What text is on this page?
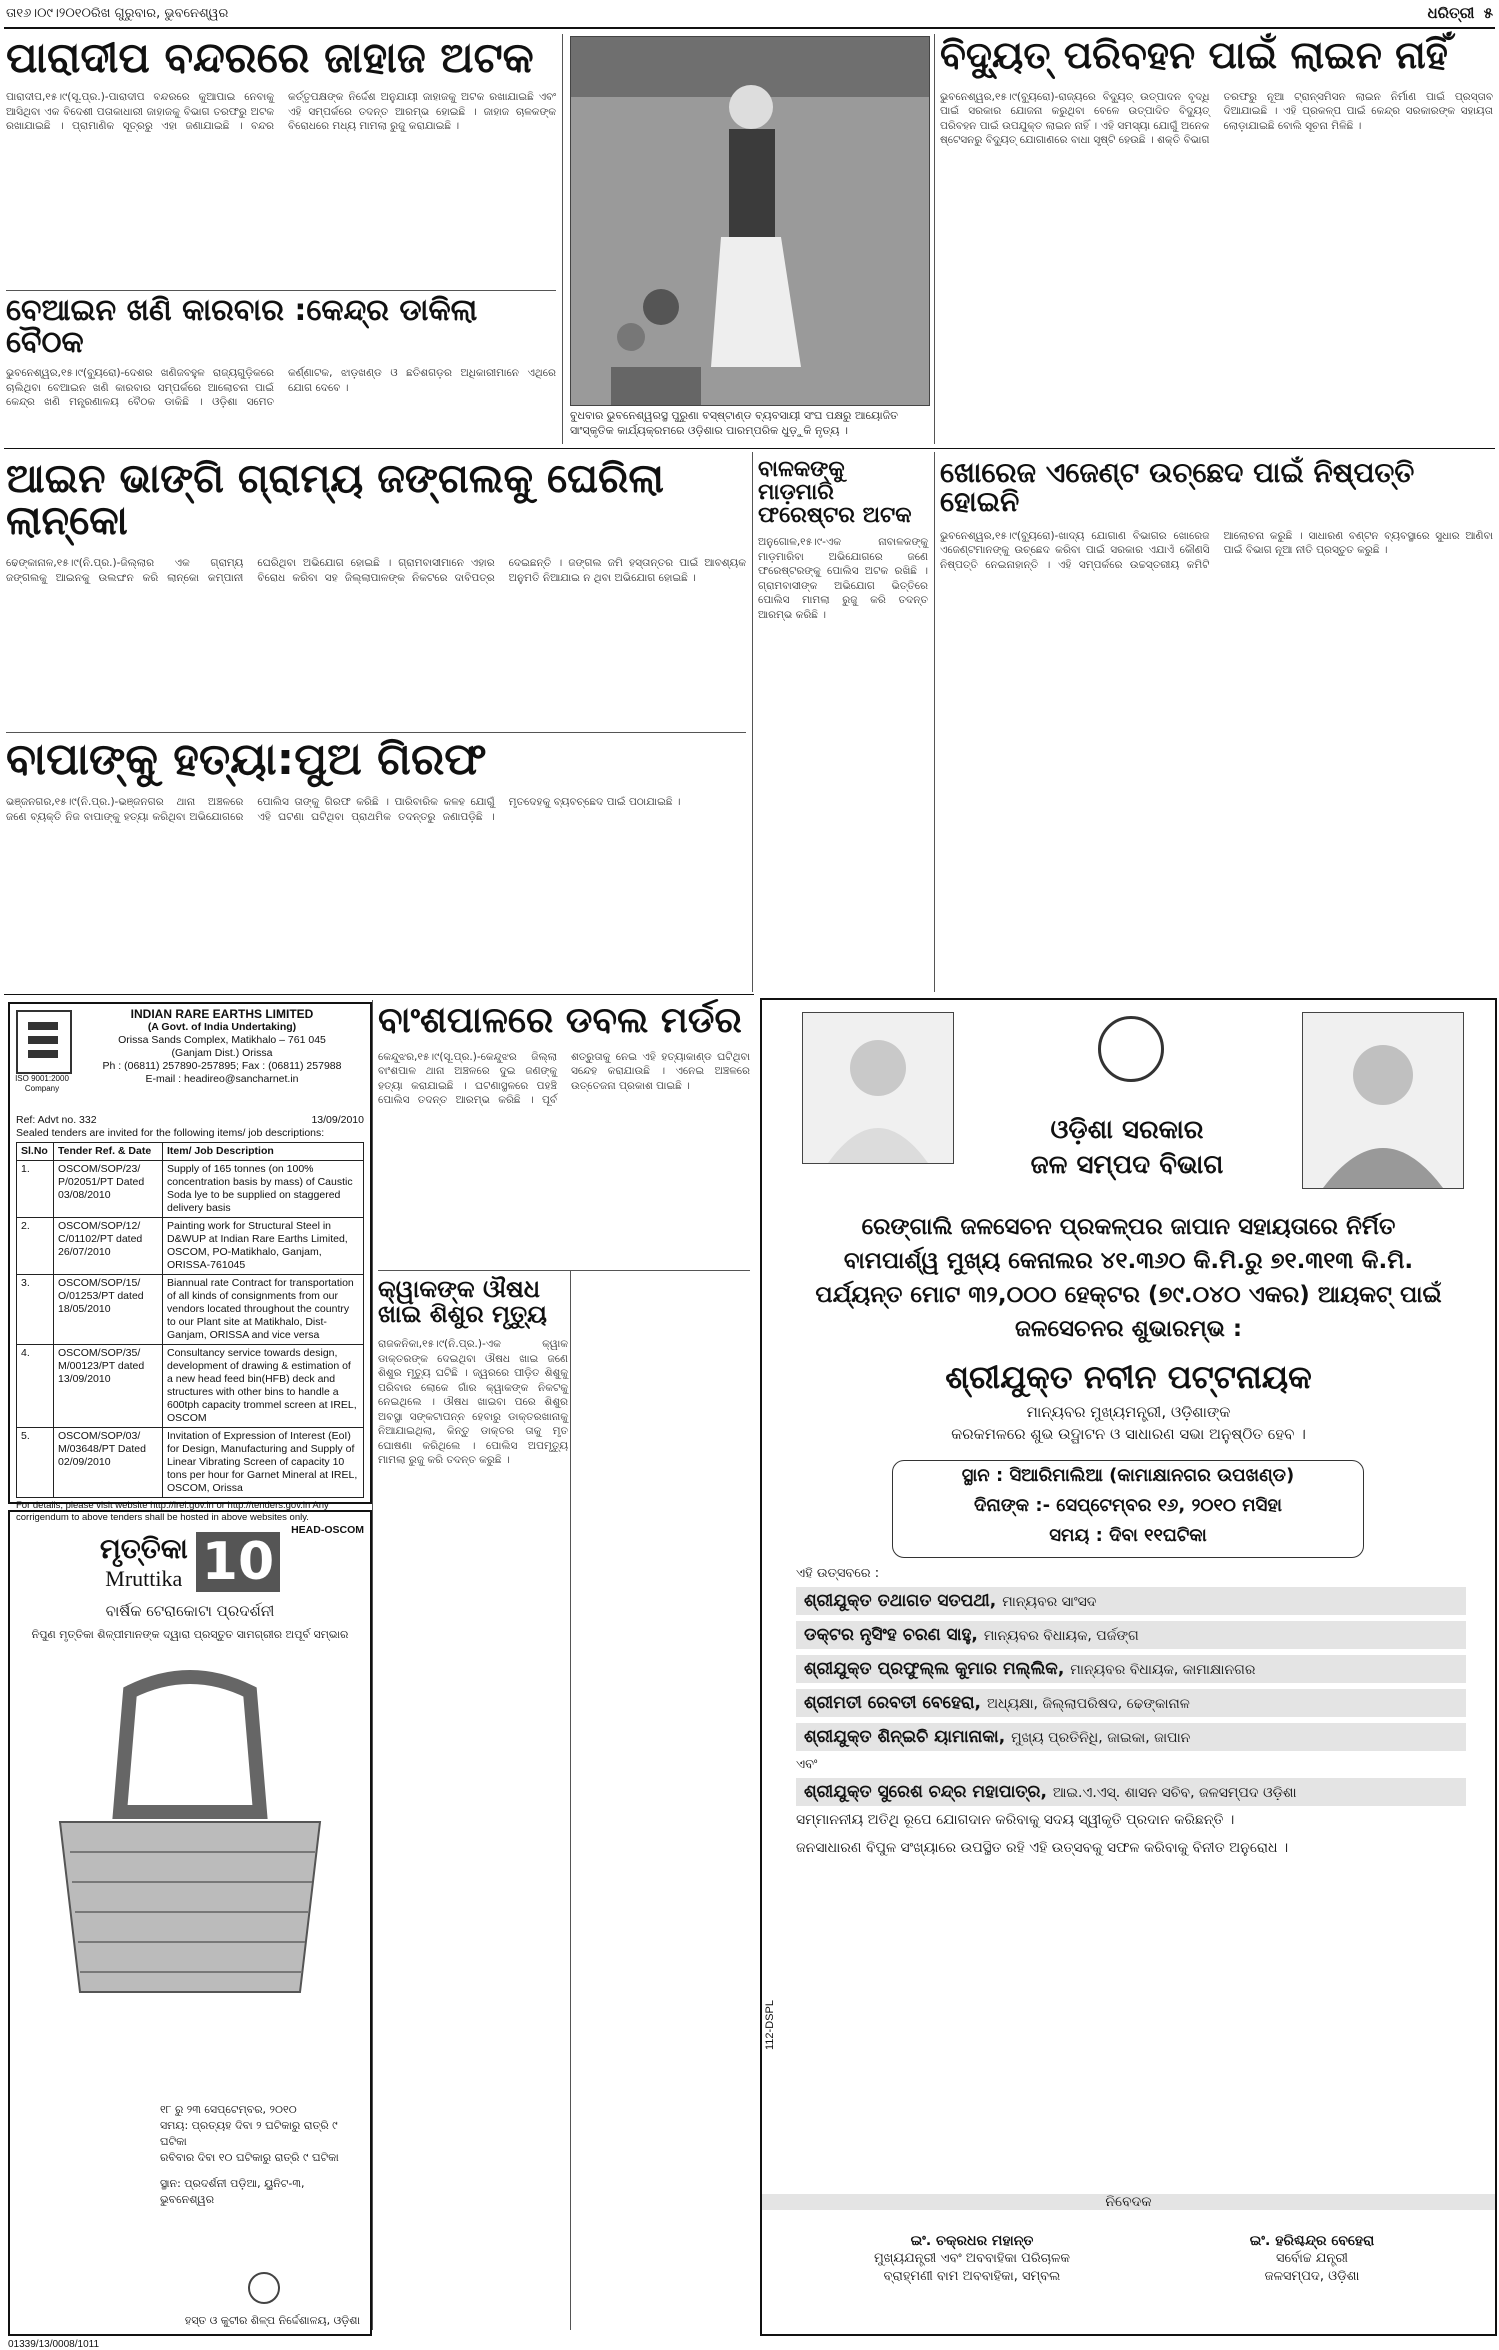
ତା୧୬।୦୯।୨୦୧୦ରିଖ ଗୁରୁବାର, ଭୁବନେଶ୍ୱର	ଧରିତ୍ରୀ ୫
ପାରାଦୀପ ବନ୍ଦରରେ ଜାହାଜ ଅଟକ
ପାରାଦୀପ,୧୫।୯(ସୂ.ପ୍ର.)-ପାରାଦୀପ ବନ୍ଦରରେ କୁଆପାଇ ନେବାକୁ ଆସିଥିବା ଏକ ବିଦେଶୀ ପତାକାଧାରୀ ଜାହାଜକୁ ବିଭାଗ ତରଫରୁ ଅଟକ ରଖାଯାଇଛି । ପ୍ରାମାଣିକ ସୂତ୍ରରୁ ଏହା ଜଣାଯାଇଛି । ବନ୍ଦର କର୍ତ୍ତୃପକ୍ଷଙ୍କ ନିର୍ଦ୍ଦେଶ ଅନୁଯାୟୀ ଜାହାଜକୁ ଅଟକ ରଖାଯାଇଛି ଏବଂ ଏହି ସମ୍ପର୍କରେ ତଦନ୍ତ ଆରମ୍ଭ ହୋଇଛି । ଜାହାଜ ଚାଳକଙ୍କ ବିରୋଧରେ ମଧ୍ୟ ମାମଲା ରୁଜୁ କରାଯାଇଛି ।
ବେଆଇନ ଖଣି କାରବାର :କେନ୍ଦ୍ର ଡାକିଲା ବୈଠକ
ଭୁବନେଶ୍ୱର,୧୫।୯(ବ୍ୟୁରୋ)-ଦେଶର ଖଣିଜବହୁଳ ରାଜ୍ୟଗୁଡ଼ିକରେ ଚାଲିଥିବା ବେଆଇନ ଖଣି କାରବାର ସମ୍ପର୍କରେ ଆଲୋଚନା ପାଇଁ କେନ୍ଦ୍ର ଖଣି ମନ୍ତ୍ରଣାଳୟ ବୈଠକ ଡାକିଛି । ଓଡ଼ିଶା ସମେତ କର୍ଣ୍ଣାଟକ, ଝାଡ଼ଖଣ୍ଡ ଓ ଛତିଶଗଡ଼ର ଅଧିକାରୀମାନେ ଏଥିରେ ଯୋଗ ଦେବେ ।
ବୁଧବାର ଭୁବନେଶ୍ୱରସ୍ଥ ପୁରୁଣା ବସ୍ଷ୍ଟାଣ୍ଡ ବ୍ୟବସାୟୀ ସଂଘ ପକ୍ଷରୁ ଆୟୋଜିତ ସାଂସ୍କୃତିକ କାର୍ଯ୍ୟକ୍ରମରେ ଓଡ଼ିଶାର ପାରମ୍ପରିକ ଧୁଡ଼ୁକି ନୃତ୍ୟ ।
ବିଦ୍ୟୁତ୍ ପରିବହନ ପାଇଁ ଲାଇନ ନାହିଁ
ଭୁବନେଶ୍ୱର,୧୫।୯(ବ୍ୟୁରୋ)-ରାଜ୍ୟରେ ବିଦ୍ୟୁତ୍ ଉତ୍ପାଦନ ବୃଦ୍ଧି ପାଇଁ ସରକାର ଯୋଜନା କରୁଥିବା ବେଳେ ଉତ୍ପାଦିତ ବିଦ୍ୟୁତ୍ ପରିବହନ ପାଇଁ ଉପଯୁକ୍ତ ଲାଇନ ନାହିଁ । ଏହି ସମସ୍ୟା ଯୋଗୁଁ ଅନେକ ଷ୍ଟେସନରୁ ବିଦ୍ୟୁତ୍ ଯୋଗାଣରେ ବାଧା ସୃଷ୍ଟି ହେଉଛି । ଶକ୍ତି ବିଭାଗ ତରଫରୁ ନୂଆ ଟ୍ରାନ୍ସମିସନ ଲାଇନ ନିର୍ମାଣ ପାଇଁ ପ୍ରସ୍ତାବ ଦିଆଯାଇଛି । ଏହି ପ୍ରକଳ୍ପ ପାଇଁ କେନ୍ଦ୍ର ସରକାରଙ୍କ ସହାୟତା ଲୋଡ଼ାଯାଇଛି ବୋଲି ସୂଚନା ମିଳିଛି ।
ଆଇନ ଭାଙ୍ଗି ଗ୍ରାମ୍ୟ ଜଙ୍ଗଲକୁ ଘେରିଲା ଲାନ୍କୋ
ଢେଙ୍କାନାଳ,୧୫।୯(ନି.ପ୍ର.)-ଜିଲ୍ଲାର ଏକ ଗ୍ରାମ୍ୟ ଜଙ୍ଗଲକୁ ଆଇନକୁ ଉଲଙ୍ଘନ କରି ଲାନ୍କୋ କମ୍ପାନୀ ଘେରିଥିବା ଅଭିଯୋଗ ହୋଇଛି । ଗ୍ରାମବାସୀମାନେ ଏହାର ବିରୋଧ କରିବା ସହ ଜିଲ୍ଲାପାଳଙ୍କ ନିକଟରେ ଦାବିପତ୍ର ଦେଇଛନ୍ତି । ଜଙ୍ଗଲ ଜମି ହସ୍ତାନ୍ତର ପାଇଁ ଆବଶ୍ୟକ ଅନୁମତି ନିଆଯାଇ ନ ଥିବା ଅଭିଯୋଗ ହୋଇଛି ।
ବାଳକଙ୍କୁ ମାଡ଼ମାରି ଫରେଷ୍ଟର ଅଟକ
ଅନୁଗୋଳ,୧୫।୯-ଏକ ନାବାଳକଙ୍କୁ ମାଡ଼ମାରିବା ଅଭିଯୋଗରେ ଜଣେ ଫରେଷ୍ଟରଙ୍କୁ ପୋଲିସ ଅଟକ ରଖିଛି । ଗ୍ରାମବାସୀଙ୍କ ଅଭିଯୋଗ ଭିତ୍ତିରେ ପୋଲିସ ମାମଲା ରୁଜୁ କରି ତଦନ୍ତ ଆରମ୍ଭ କରିଛି ।
ଖୋରେଜ ଏଜେଣ୍ଟ ଉଚ୍ଛେଦ ପାଇଁ ନିଷ୍ପତ୍ତି ହୋଇନି
ଭୁବନେଶ୍ୱର,୧୫।୯(ବ୍ୟୁରୋ)-ଖାଦ୍ୟ ଯୋଗାଣ ବିଭାଗର ଖୋରେଜ ଏଜେଣ୍ଟମାନଙ୍କୁ ଉଚ୍ଛେଦ କରିବା ପାଇଁ ସରକାର ଏଯାଏଁ କୌଣସି ନିଷ୍ପତ୍ତି ନେଇନାହାନ୍ତି । ଏହି ସମ୍ପର୍କରେ ଉଚ୍ଚସ୍ତରୀୟ କମିଟି ଆଲୋଚନା କରୁଛି । ସାଧାରଣ ବଣ୍ଟନ ବ୍ୟବସ୍ଥାରେ ସୁଧାର ଆଣିବା ପାଇଁ ବିଭାଗ ନୂଆ ନୀତି ପ୍ରସ୍ତୁତ କରୁଛି ।
ବାପାଙ୍କୁ ହତ୍ୟା:ପୁଅ ଗିରଫ
ଭଞ୍ଜନଗର,୧୫।୯(ନି.ପ୍ର.)-ଭଞ୍ଜନଗର ଥାନା ଅଞ୍ଚଳରେ ଜଣେ ବ୍ୟକ୍ତି ନିଜ ବାପାଙ୍କୁ ହତ୍ୟା କରିଥିବା ଅଭିଯୋଗରେ ପୋଲିସ ତାଙ୍କୁ ଗିରଫ କରିଛି । ପାରିବାରିକ କଳହ ଯୋଗୁଁ ଏହି ଘଟଣା ଘଟିଥିବା ପ୍ରାଥମିକ ତଦନ୍ତରୁ ଜଣାପଡ଼ିଛି । ମୃତଦେହକୁ ବ୍ୟବଚ୍ଛେଦ ପାଇଁ ପଠାଯାଇଛି ।
ISO 9001:2000 Company
INDIAN RARE EARTHS LIMITED
(A Govt. of India Undertaking)
Orissa Sands Complex, Matikhalo – 761 045
(Ganjam Dist.) Orissa
Ph : (06811) 257890-257895; Fax : (06811) 257988
E-mail : headireo@sancharnet.in
Ref: Advt no. 332	13/09/2010
Sealed tenders are invited for the following items/ job descriptions:
Sl.No	Tender Ref. & Date	Item/ Job Description
1.	OSCOM/SOP/23/ P/02051/PT Dated 03/08/2010	Supply of 165 tonnes (on 100% concentration basis by mass) of Caustic Soda lye to be supplied on staggered delivery basis
2.	OSCOM/SOP/12/ C/01102/PT dated 26/07/2010	Painting work for Structural Steel in D&WUP at Indian Rare Earths Limited, OSCOM, PO-Matikhalo, Ganjam, ORISSA-761045
3.	OSCOM/SOP/15/ O/01253/PT dated 18/05/2010	Biannual rate Contract for transportation of all kinds of consignments from our vendors located throughout the country to our Plant site at Matikhalo, Dist-Ganjam, ORISSA and vice versa
4.	OSCOM/SOP/35/ M/00123/PT dated 13/09/2010	Consultancy service towards design, development of drawing & estimation of a new head feed bin(HFB) deck and structures with other bins to handle a 600tph capacity trommel screen at IREL, OSCOM
5.	OSCOM/SOP/03/ M/03648/PT Dated 02/09/2010	Invitation of Expression of Interest (EoI) for Design, Manufacturing and Supply of Linear Vibrating Screen of capacity 10 tons per hour for Garnet Mineral at IREL, OSCOM, Orissa
For details, please visit website http://irel.gov.in or http://tenders.gov.in Any corrigendum to above tenders shall be hosted in above websites only.
HEAD-OSCOM
ବାଂଶପାଳରେ ଡବଲ ମର୍ଡର
କେନ୍ଦୁଝର,୧୫।୯(ସୂ.ପ୍ର.)-କେନ୍ଦୁଝର ଜିଲ୍ଲା ବାଂଶପାଳ ଥାନା ଅଞ୍ଚଳରେ ଦୁଇ ଜଣଙ୍କୁ ହତ୍ୟା କରାଯାଇଛି । ଘଟଣାସ୍ଥଳରେ ପହଞ୍ଚି ପୋଲିସ ତଦନ୍ତ ଆରମ୍ଭ କରିଛି । ପୂର୍ବ ଶତ୍ରୁତାକୁ ନେଇ ଏହି ହତ୍ୟାକାଣ୍ଡ ଘଟିଥିବା ସନ୍ଦେହ କରାଯାଉଛି । ଏନେଇ ଅଞ୍ଚଳରେ ଉତ୍ତେଜନା ପ୍ରକାଶ ପାଇଛି ।
ମୃତ୍ତିକା
Mruttika 10
ବାର୍ଷିକ ଟେରାକୋଟା ପ୍ରଦର୍ଶନୀ
ନିପୁଣ ମୃତ୍ତିକା ଶିଳ୍ପୀମାନଙ୍କ ଦ୍ୱାରା ପ୍ରସ୍ତୁତ ସାମଗ୍ରୀର ଅପୂର୍ବ ସମ୍ଭାର
୧୮ ରୁ ୨୩ ସେପ୍ଟେମ୍ବର, ୨୦୧୦
ସମୟ: ପ୍ରତ୍ୟହ ଦିବା ୨ ଘଟିକାରୁ ରାତ୍ରି ୯ ଘଟିକା
ରବିବାର ଦିବା ୧୦ ଘଟିକାରୁ ରାତ୍ରି ୯ ଘଟିକା
ସ୍ଥାନ: ପ୍ରଦର୍ଶନୀ ପଡ଼ିଆ, ୟୁନିଟ-୩, ଭୁବନେଶ୍ୱର
ହସ୍ତ ଓ କୁଟୀର ଶିଳ୍ପ ନିର୍ଦ୍ଦେଶାଳୟ, ଓଡ଼ିଶା
01339/13/0008/1011
କ୍ୱାକଙ୍କ ଔଷଧ ଖାଇ ଶିଶୁର ମୃତ୍ୟୁ
ରାଜକନିକା,୧୫।୯(ନି.ପ୍ର.)-ଏକ କ୍ୱାକ ଡାକ୍ତରଙ୍କ ଦେଇଥିବା ଔଷଧ ଖାଇ ଜଣେ ଶିଶୁର ମୃତ୍ୟୁ ଘଟିଛି । ଜ୍ୱରରେ ପୀଡ଼ିତ ଶିଶୁକୁ ପରିବାର ଲୋକେ ଗାଁର କ୍ୱାକଙ୍କ ନିକଟକୁ ନେଇଥିଲେ । ଔଷଧ ଖାଇବା ପରେ ଶିଶୁର ଅବସ୍ଥା ସଙ୍କଟାପନ୍ନ ହେବାରୁ ଡାକ୍ତରଖାନାକୁ ନିଆଯାଇଥିଲା, କିନ୍ତୁ ଡାକ୍ତର ତାକୁ ମୃତ ଘୋଷଣା କରିଥିଲେ । ପୋଲିସ ଅପମୃତ୍ୟୁ ମାମଲା ରୁଜୁ କରି ତଦନ୍ତ କରୁଛି ।
ଓଡ଼ିଶା ସରକାର
ଜଳ ସମ୍ପଦ ବିଭାଗ
ରେଙ୍ଗାଲି ଜଳସେଚନ ପ୍ରକଳ୍ପର ଜାପାନ ସହାୟତାରେ ନିର୍ମିତ
ବାମପାର୍ଶ୍ୱ ମୁଖ୍ୟ କେନାଲର ୪୧.୩୬୦ କି.ମି.ରୁ ୭୧.୩୧୩ କି.ମି.
ପର୍ଯ୍ୟନ୍ତ ମୋଟ ୩୨,୦୦୦ ହେକ୍ଟର (୭୯.୦୪୦ ଏକର) ଆୟକଟ୍ ପାଇଁ
ଜଳସେଚନର ଶୁଭାରମ୍ଭ :
ଶ୍ରୀଯୁକ୍ତ ନବୀନ ପଟ୍ଟନାୟକ
ମାନ୍ୟବର ମୁଖ୍ୟମନ୍ତ୍ରୀ, ଓଡ଼ିଶାଙ୍କ
କରକମଳରେ ଶୁଭ ଉଦ୍ଘାଟନ ଓ ସାଧାରଣ ସଭା ଅନୁଷ୍ଠିତ ହେବ ।
ସ୍ଥାନ : ସିଆରିମାଲିଆ (କାମାକ୍ଷାନଗର ଉପଖଣ୍ଡ)
ଦିନାଙ୍କ :- ସେପ୍ଟେମ୍ବର ୧୬, ୨୦୧୦ ମସିହା
ସମୟ : ଦିବା ୧୧ଘଟିକା
ଏହି ଉତ୍ସବରେ :
ଶ୍ରୀଯୁକ୍ତ ତଥାଗତ ସତପଥୀ, ମାନ୍ୟବର ସାଂସଦ
ଡକ୍ଟର ନୃସିଂହ ଚରଣ ସାହୁ, ମାନ୍ୟବର ବିଧାୟକ, ପର୍ଜଙ୍ଗ
ଶ୍ରୀଯୁକ୍ତ ପ୍ରଫୁଲ୍ଲ କୁମାର ମଲ୍ଲିକ, ମାନ୍ୟବର ବିଧାୟକ, କାମାକ୍ଷାନଗର
ଶ୍ରୀମତୀ ରେବତୀ ବେହେରା, ଅଧ୍ୟକ୍ଷା, ଜିଲ୍ଲାପରିଷଦ, ଢେଙ୍କାନାଳ
ଶ୍ରୀଯୁକ୍ତ ଶିନ୍ଇଚି ୟାମାନାକା, ମୁଖ୍ୟ ପ୍ରତିନିଧି, ଜାଇକା, ଜାପାନ
ଏବଂ
ଶ୍ରୀଯୁକ୍ତ ସୁରେଶ ଚନ୍ଦ୍ର ମହାପାତ୍ର, ଆଇ.ଏ.ଏସ୍. ଶାସନ ସଚିବ, ଜଳସମ୍ପଦ ଓଡ଼ିଶା
ସମ୍ମାନନୀୟ ଅତିଥି ରୂପେ ଯୋଗଦାନ କରିବାକୁ ସଦୟ ସ୍ୱୀକୃତି ପ୍ରଦାନ କରିଛନ୍ତି ।
ଜନସାଧାରଣ ବିପୁଳ ସଂଖ୍ୟାରେ ଉପସ୍ଥିତ ରହି ଏହି ଉତ୍ସବକୁ ସଫଳ କରିବାକୁ ବିନୀତ ଅନୁରୋଧ ।
ନିବେଦକ
ଇଂ. ଚକ୍ରଧର ମହାନ୍ତ
ମୁଖ୍ୟଯନ୍ତ୍ରୀ ଏବଂ ଅବବାହିକା ପରିଚାଳକ
ବ୍ରାହ୍ମଣୀ ବାମ ଅବବାହିକା, ସମ୍ବଲ
ଇଂ. ହରିଶ୍ଚନ୍ଦ୍ର ବେହେରା
ସର୍ବୋଚ୍ଚ ଯନ୍ତ୍ରୀ
ଜଳସମ୍ପଦ, ଓଡ଼ିଶା
112-DSPL
